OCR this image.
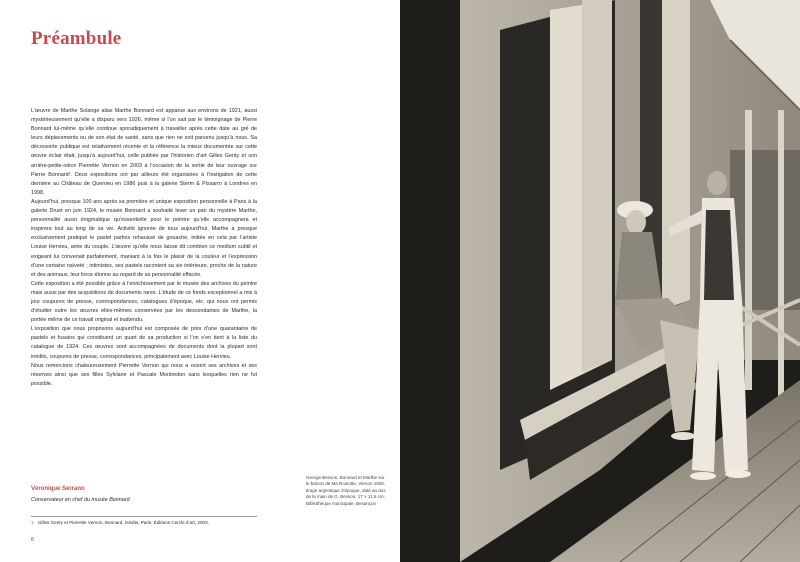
Préambule

L’œuvre de Marthe Solange alias Marthe Bonnard est apparue aux environs de 1921, aussi mystérieusement qu’elle a disparu vers 1926, même si l’on sait par le témoignage de Pierre Bonnard lui-même qu’elle continue sporadiquement à travailler après cette date au gré de leurs déplacements ou de son état de santé, sans que rien ne soit parvenu jusqu’à nous. Sa découverte publique est relativement récente et la référence la mieux documentée sur cette œuvre éclair était, jusqu’à aujourd’hui, celle publiée par l’historien d’art Gilles Genty et son arrière-petite-nièce Pierrette Vernon en 2003 à l’occasion de la sortie de leur ouvrage sur Pierre Bonnard¹. Deux expositions ont par ailleurs été organisées à l’instigation de cette dernière au Château de Querrieu en 1986 puis à la galerie Sterm & Pissarro à Londres en 1998.

Aujourd’hui, presque 100 ans après sa première et unique exposition personnelle à Paris à la galerie Druet en juin 1924, le musée Bonnard a souhaité lever un pan du mystère Marthe, personnalité aussi énigmatique qu’essentielle pour le peintre qu’elle accompagnera et inspirera tout au long de sa vie. Activité ignorée de tous aujourd’hui, Marthe a presque exclusivement pratiqué le pastel parfois rehaussé de gouache, initiée en cela par l’artiste Louise Hervieu, amie du couple. L’œuvre qu’elle nous laisse dit combien ce medium subtil et exigeant lui convenait parfaitement, maniant à la fois le plaisir de la couleur et l’expression d’une certaine naïveté ; intimistes, ses pastels racontent sa vie intérieure, proche de la nature et des animaux, leur force étonne au regard de sa personnalité effacée.

Cette exposition a été possible grâce à l’enrichissement par le musée des archives du peintre mais aussi par des acquisitions de documents rares. L’étude de ce fonds exceptionnel a mis à jour coupures de presse, correspondances, catalogues d’époque, etc. qui nous ont permis d’étudier outre les œuvres elles-mêmes conservées par les descendantes de Marthe, la portée même de ce travail original et inattendu.

L’exposition que nous proposons aujourd’hui est composée de près d’une quarantaine de pastels et fusains qui constituent un quart de sa production si l’on s’en tient à la liste du catalogue de 1924. Ces œuvres sont accompagnées de documents dont la plupart sont inédits, coupures de presse, correspondances, principalement avec Louise Hervieu.

Nous remercions chaleureusement Pierrette Vernon qui nous a ouvert ses archives et ses réserves ainsi que ses filles Sylviane et Pascale Montredon sans lesquelles rien ne fut possible.

Véronique Serrano
Conservateur en chef du musée Bonnard
1 Gilles Genty et Pierrette Vernon, Bonnard, inédits, Paris, Éditions Cercle d’art, 2003.
8
George Besson, Bonnard et Marthe sur le balcon de Ma Roulotte, Vernon 1920, tirage argentique d’époque, daté au dos de la main de G. Besson, 17 × 11,6 cm, Bibliothèque municipale, Besançon
